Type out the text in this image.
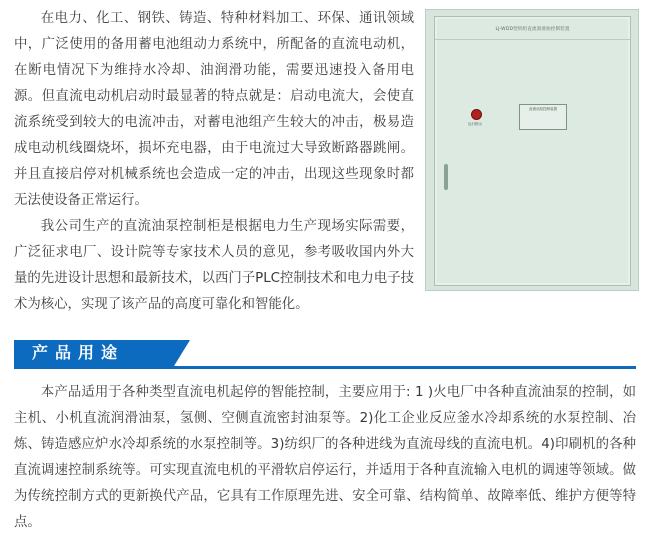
在电力、化工、钢铁、铸造、特种材料加工、环保、通讯领域中，广泛使用的备用蓄电池组动力系统中，所配备的直流电动机，在断电情况下为维持水冷却、油润滑功能，需要迅速投入备用电源。但直流电动机启动时最显著的特点就是：启动电流大，会使直流系统受到较大的电流冲击，对蓄电池组产生较大的冲击，极易造成电动机线圈烧坏，损坏充电器，由于电流过大导致断路器跳闸。并且直接启停对机械系统也会造成一定的冲击，出现这些现象时都无法使设备正常运行。

我公司生产的直流油泵控制柜是根据电力生产现场实际需要，广泛征求电厂、设计院等专家技术人员的意见，参考吸收国内外大量的先进设计思想和最新技术，以西门子PLC控制技术和电力电子技术为核心，实现了该产品的高度可靠化和智能化。

LJ-WDD型机组直流润滑油控制装置
运行指示
直流油泵控制装置
产品用途

本产品适用于各种类型直流电机起停的智能控制，主要应用于: 1 )火电厂中各种直流油泵的控制，如主机、小机直流润滑油泵，氢侧、空侧直流密封油泵等。2)化工企业反应釜水冷却系统的水泵控制、冶炼、铸造感应炉水冷却系统的水泵控制等。3)纺织厂的各种进线为直流母线的直流电机。4)印刷机的各种直流调速控制系统等。可实现直流电机的平滑软启停运行，并适用于各种直流输入电机的调速等领域。做为传统控制方式的更新换代产品，它具有工作原理先进、安全可靠、结构简单、故障率低、维护方便等特点。
